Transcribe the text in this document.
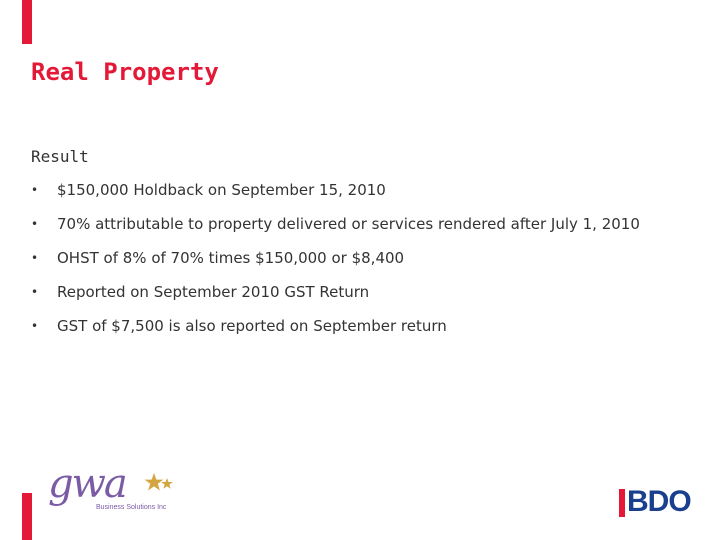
Real Property

Result

• $150,000 Holdback on September 15, 2010
• 70% attributable to property delivered or services rendered after July 1, 2010
• OHST of 8% of 70% times $150,000 or $8,400
• Reported on September 2010 GST Return
• GST of $7,500 is also reported on September return
gwa
Business Solutions Inc	BDO
